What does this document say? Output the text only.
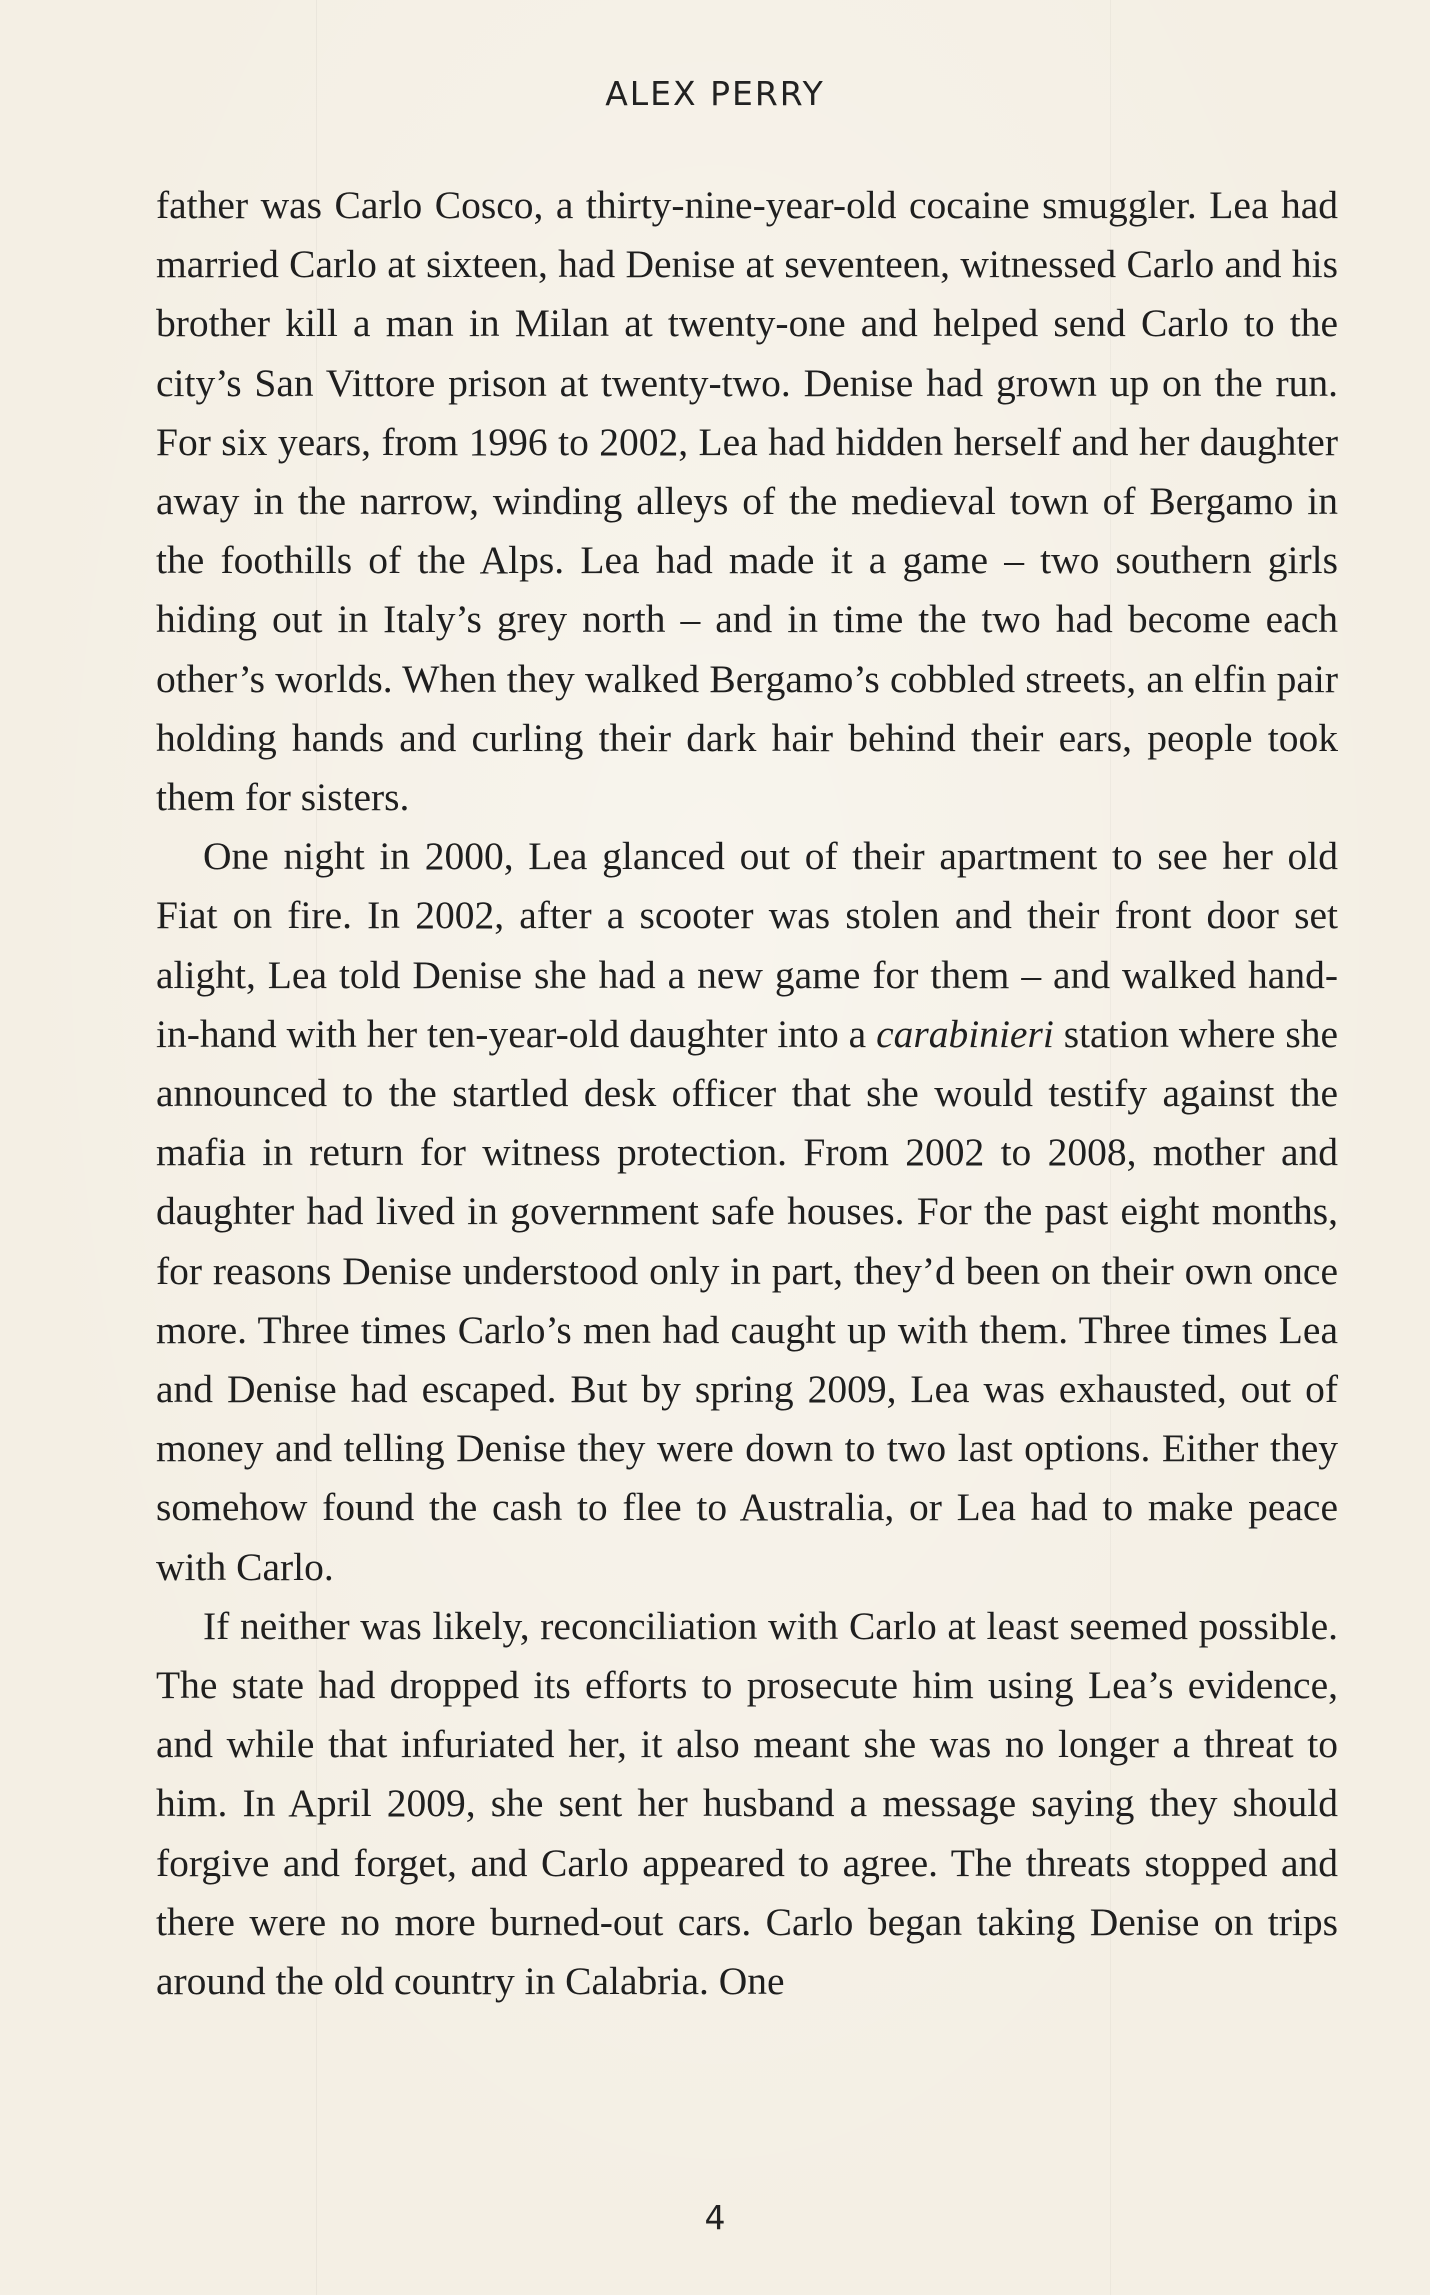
ALEX PERRY

father was Carlo Cosco, a thirty-nine-year-old cocaine smuggler. Lea had married Carlo at sixteen, had Denise at seventeen, witnessed Carlo and his brother kill a man in Milan at twenty-one and helped send Carlo to the city’s San Vittore prison at twenty-two. Denise had grown up on the run. For six years, from 1996 to 2002, Lea had hidden herself and her daughter away in the narrow, winding alleys of the medieval town of Bergamo in the foothills of the Alps. Lea had made it a game – two southern girls hiding out in Italy’s grey north – and in time the two had become each other’s worlds. When they walked Bergamo’s cobbled streets, an elfin pair holding hands and curling their dark hair behind their ears, people took them for sisters.

One night in 2000, Lea glanced out of their apartment to see her old Fiat on fire. In 2002, after a scooter was stolen and their front door set alight, Lea told Denise she had a new game for them – and walked hand-in-hand with her ten-year-old daughter into a carabinieri station where she announced to the startled desk officer that she would testify against the mafia in return for witness protection. From 2002 to 2008, mother and daughter had lived in government safe houses. For the past eight months, for reasons Denise understood only in part, they’d been on their own once more. Three times Carlo’s men had caught up with them. Three times Lea and Denise had escaped. But by spring 2009, Lea was exhausted, out of money and telling Denise they were down to two last options. Either they somehow found the cash to flee to Australia, or Lea had to make peace with Carlo.

If neither was likely, reconciliation with Carlo at least seemed possible. The state had dropped its efforts to prosecute him using Lea’s evidence, and while that infuriated her, it also meant she was no longer a threat to him. In April 2009, she sent her husband a message saying they should forgive and forget, and Carlo appeared to agree. The threats stopped and there were no more burned-out cars. Carlo began taking Denise on trips around the old country in Calabria. One

4
